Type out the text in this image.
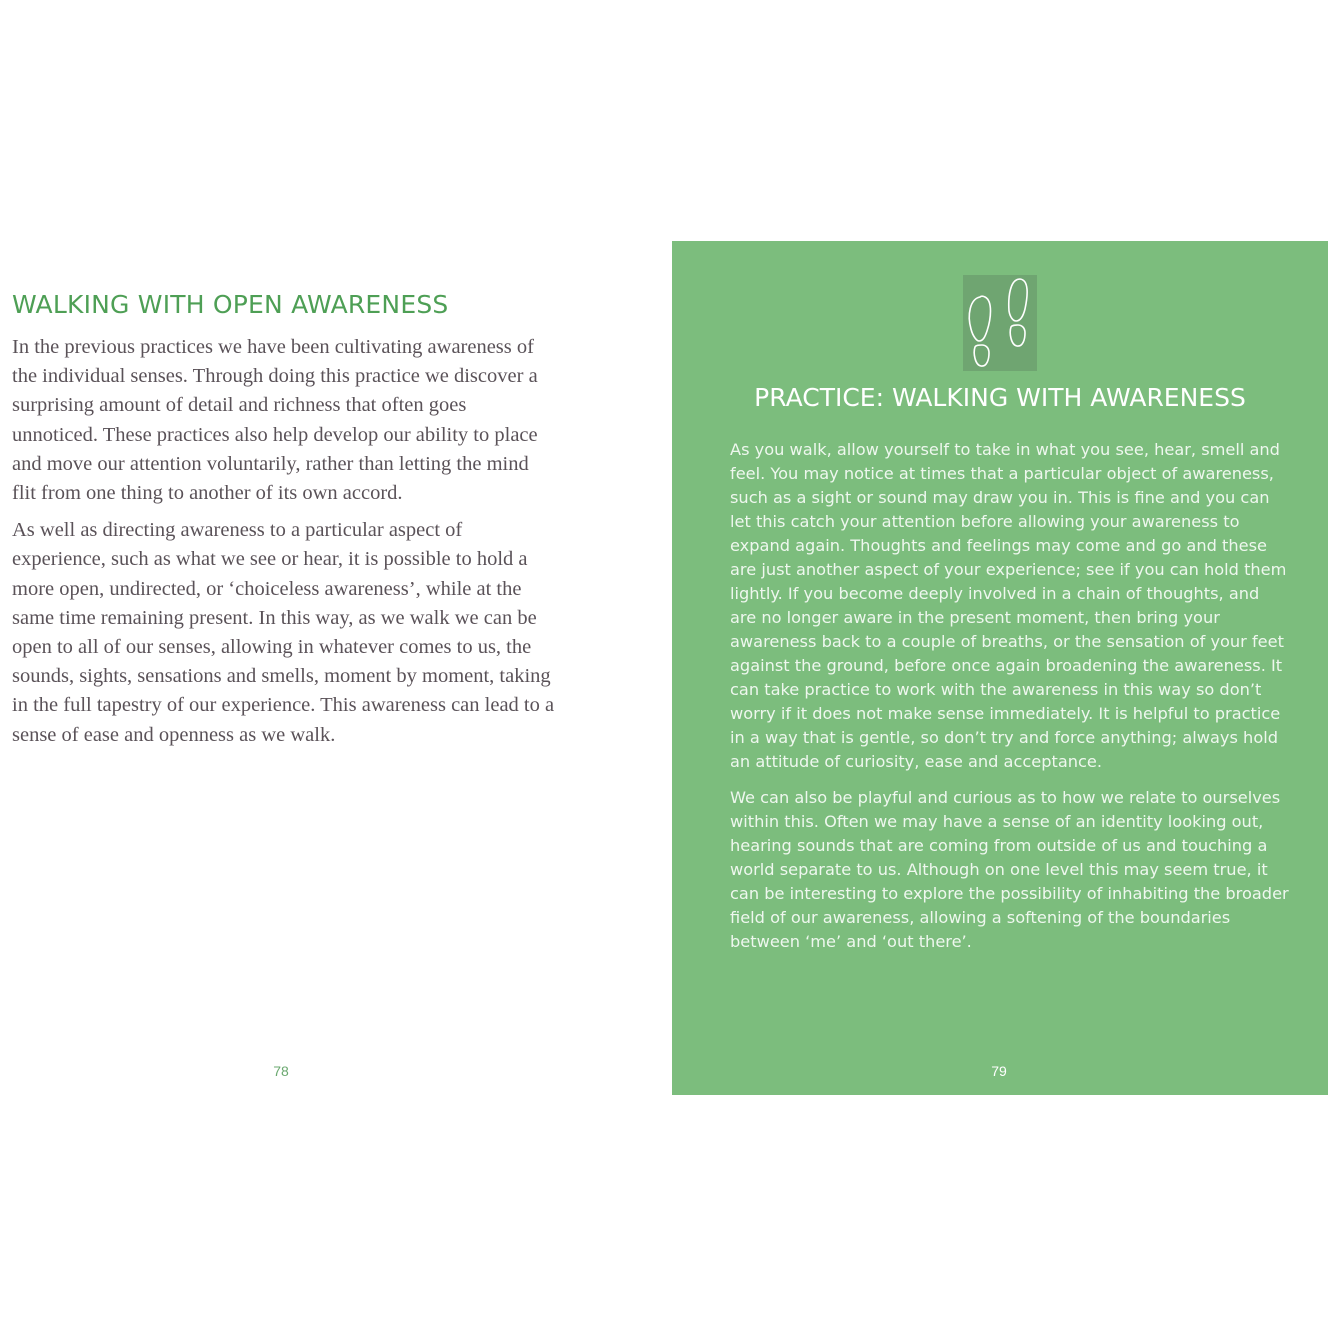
WALKING WITH OPEN AWARENESS

In the previous practices we have been cultivating awareness of the individual senses. Through doing this practice we discover a surprising amount of detail and richness that often goes unnoticed. These practices also help develop our ability to place and move our attention voluntarily, rather than letting the mind flit from one thing to another of its own accord.

As well as directing awareness to a particular aspect of experience, such as what we see or hear, it is possible to hold a more open, undirected, or ‘choiceless awareness’, while at the same time remaining present. In this way, as we walk we can be open to all of our senses, allowing in whatever comes to us, the sounds, sights, sensations and smells, moment by moment, taking in the full tapestry of our experience. This awareness can lead to a sense of ease and openness as we walk.

78
PRACTICE: WALKING WITH AWARENESS

As you walk, allow yourself to take in what you see, hear, smell and feel. You may notice at times that a particular object of awareness, such as a sight or sound may draw you in. This is fine and you can let this catch your attention before allowing your awareness to expand again. Thoughts and feelings may come and go and these are just another aspect of your experience; see if you can hold them lightly. If you become deeply involved in a chain of thoughts, and are no longer aware in the present moment, then bring your awareness back to a couple of breaths, or the sensation of your feet against the ground, before once again broadening the awareness. It can take practice to work with the awareness in this way so don’t worry if it does not make sense immediately. It is helpful to practice in a way that is gentle, so don’t try and force anything; always hold an attitude of curiosity, ease and acceptance.

We can also be playful and curious as to how we relate to ourselves within this. Often we may have a sense of an identity looking out, hearing sounds that are coming from outside of us and touching a world separate to us. Although on one level this may seem true, it can be interesting to explore the possibility of inhabiting the broader field of our awareness, allowing a softening of the boundaries between ‘me’ and ‘out there’.

79
